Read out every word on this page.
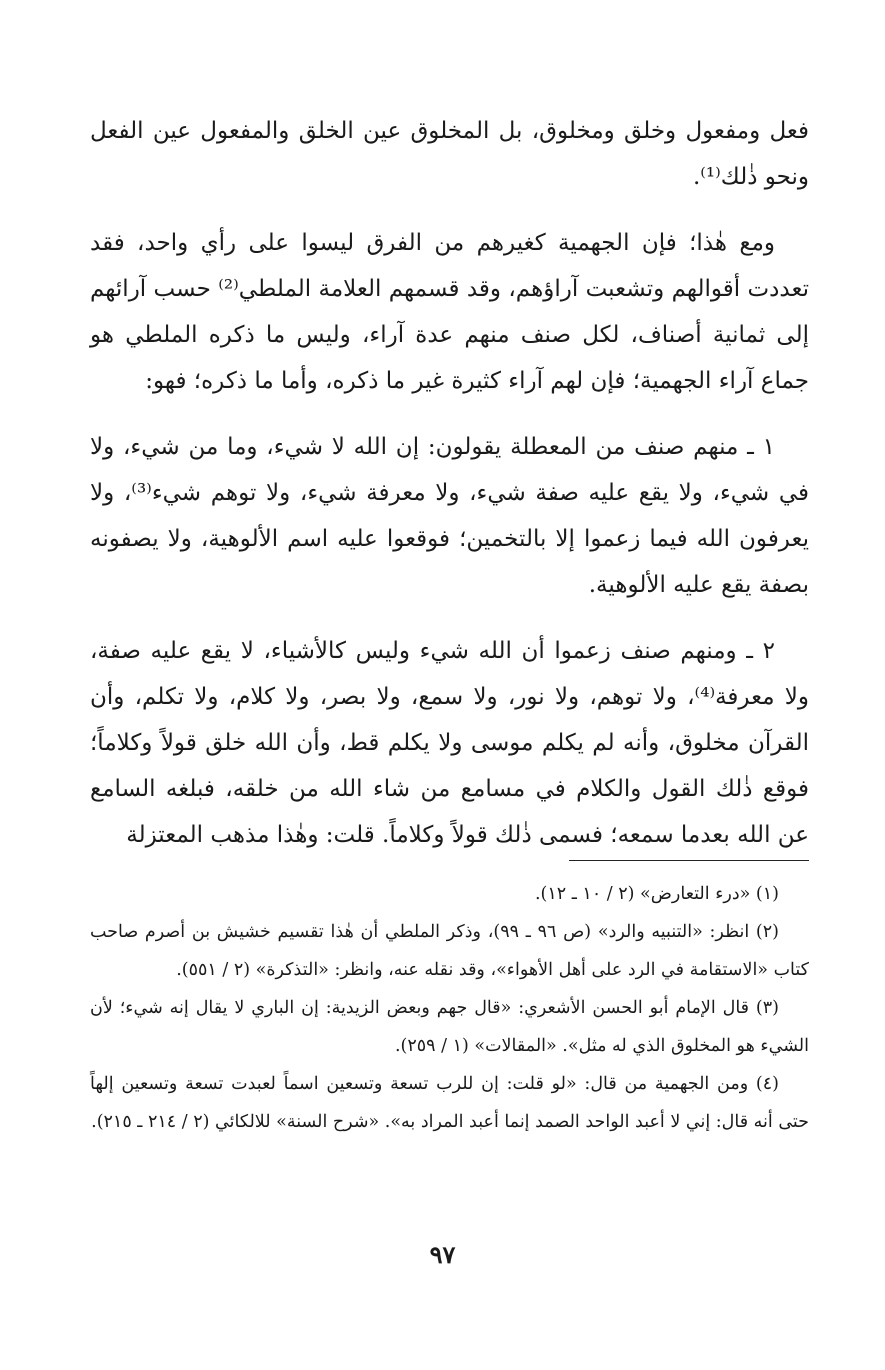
فعل ومفعول وخلق ومخلوق، بل المخلوق عين الخلق والمفعول عين الفعل ونحو ذٰلك⁽¹⁾.

ومع هٰذا؛ فإن الجهمية كغيرهم من الفرق ليسوا على رأي واحد، فقد تعددت أقوالهم وتشعبت آراؤهم، وقد قسمهم العلامة الملطي⁽²⁾ حسب آرائهم إلى ثمانية أصناف، لكل صنف منهم عدة آراء، وليس ما ذكره الملطي هو جماع آراء الجهمية؛ فإن لهم آراء كثيرة غير ما ذكره، وأما ما ذكره؛ فهو:

١ ـ منهم صنف من المعطلة يقولون: إن الله لا شيء، وما من شيء، ولا في شيء، ولا يقع عليه صفة شيء، ولا معرفة شيء، ولا توهم شيء⁽³⁾، ولا يعرفون الله فيما زعموا إلا بالتخمين؛ فوقعوا عليه اسم الألوهية، ولا يصفونه بصفة يقع عليه الألوهية.

٢ ـ ومنهم صنف زعموا أن الله شيء وليس كالأشياء، لا يقع عليه صفة، ولا معرفة⁽⁴⁾، ولا توهم، ولا نور، ولا سمع، ولا بصر، ولا كلام، ولا تكلم، وأن القرآن مخلوق، وأنه لم يكلم موسى ولا يكلم قط، وأن الله خلق قولاً وكلاماً؛ فوقع ذٰلك القول والكلام في مسامع من شاء الله من خلقه، فبلغه السامع عن الله بعدما سمعه؛ فسمى ذٰلك قولاً وكلاماً. قلت: وهٰذا مذهب المعتزلة

(١) «درء التعارض» (٢ / ١٠ ـ ١٢).

(٢) انظر: «التنبيه والرد» (ص ٩٦ ـ ٩٩)، وذكر الملطي أن هٰذا تقسيم خشيش بن أصرم صاحب كتاب «الاستقامة في الرد على أهل الأهواء»، وقد نقله عنه، وانظر: «التذكرة» (٢ / ٥٥١).

(٣) قال الإمام أبو الحسن الأشعري: «قال جهم وبعض الزيدية: إن الباري لا يقال إنه شيء؛ لأن الشيء هو المخلوق الذي له مثل». «المقالات» (١ / ٢٥٩).

(٤) ومن الجهمية من قال: «لو قلت: إن للرب تسعة وتسعين اسماً لعبدت تسعة وتسعين إلهاً حتى أنه قال: إني لا أعبد الواحد الصمد إنما أعبد المراد به». «شرح السنة» للالكائي (٢ / ٢١٤ ـ ٢١٥).

٩٧
